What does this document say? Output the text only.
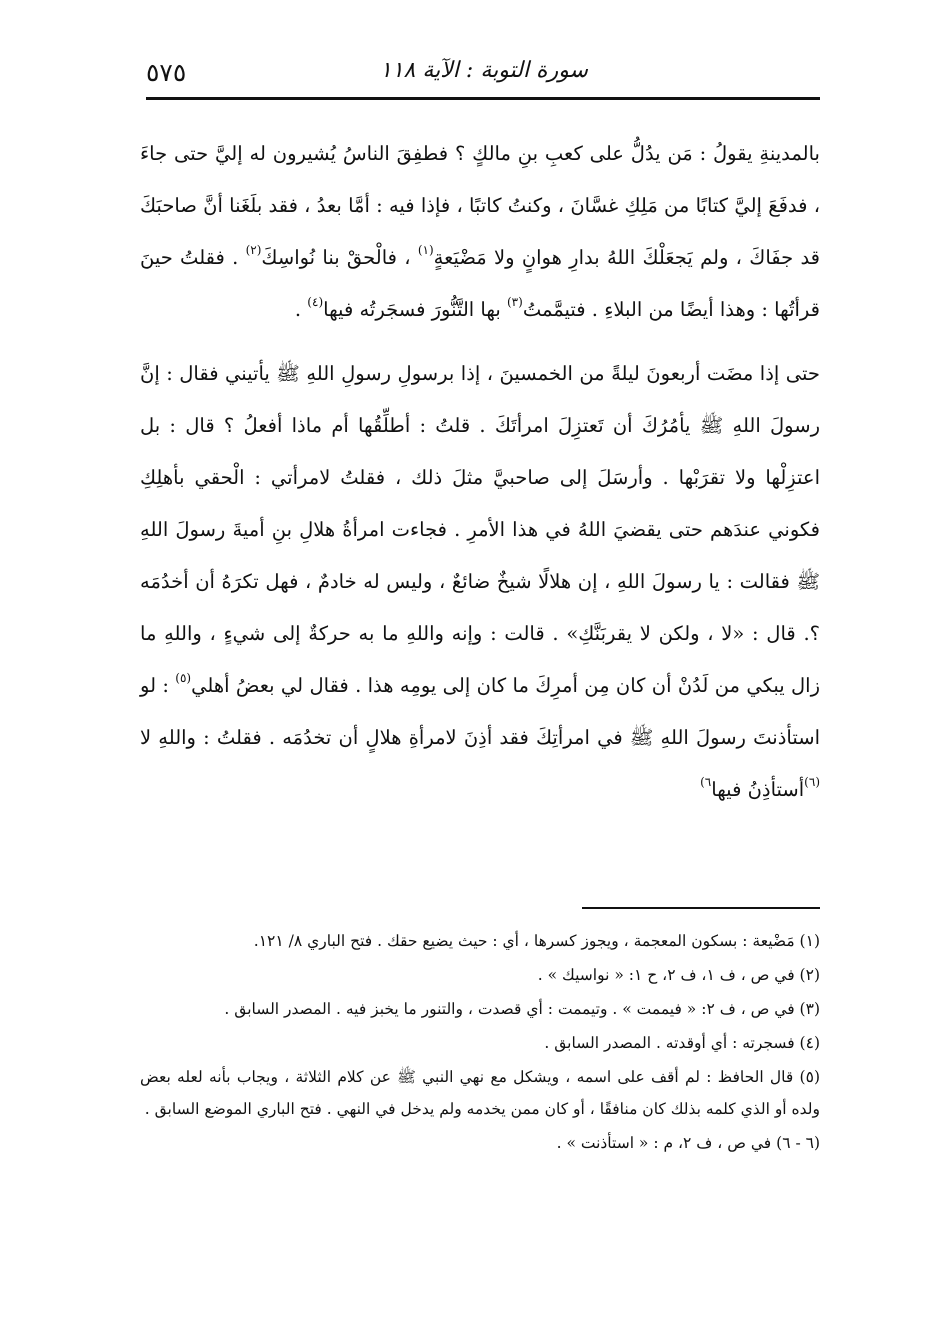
سورة التوبة : الآية ١١٨
٥٧٥

بالمدينةِ يقولُ : مَن يدُلُّ على كعبِ بنِ مالكٍ ؟ فطفِقَ الناسُ يُشيرون له إليَّ حتى جاءَ ، فدفَعَ إليَّ كتابًا من مَلِكِ غسَّانَ ، وكنتُ كاتبًا ، فإذا فيه : أمَّا بعدُ ، فقد بلَغَنا أنَّ صاحبَكَ قد جفَاكَ ، ولم يَجعَلْكَ اللهُ بدارِ هوانٍ ولا مَضْيَعةٍ$^{(١)}$ ، فالْحقْ بنا نُواسِكَ$^{(٢)}$ . فقلتُ حينَ قرأتُها : وهذا أيضًا من البلاءِ . فتيمَّمتُ$^{(٣)}$ بها التَّنُّورَ فسجَرتُه فيها$^{(٤)}$ .

حتى إذا مضَت أربعونَ ليلةً من الخمسينَ ، إذا برسولِ رسولِ اللهِ ﷺ يأتيني فقال : إنَّ رسولَ اللهِ ﷺ يأمُرُكَ أن تَعتزِلَ امرأتَكَ . قلتُ : أطلِّقُها أم ماذا أفعلُ ؟ قال : بل اعتزِلْها ولا تقرَبْها . وأرسَلَ إلى صاحبيَّ مثلَ ذلك ، فقلتُ لامرأتي : الْحقي بأهلِكِ فكوني عندَهم حتى يقضيَ اللهُ في هذا الأمرِ . فجاءت امرأةُ هلالِ بنِ أميةَ رسولَ اللهِ ﷺ فقالت : يا رسولَ اللهِ ، إن هلالًا شيخٌ ضائعٌ ، وليس له خادمٌ ، فهل تكرَهُ أن أخدُمَه ؟. قال : «لا ، ولكن لا يقربَنَّكِ» . قالت : وإنه واللهِ ما به حركةٌ إلى شيءٍ ، واللهِ ما زال يبكي من لَدُنْ أن كان مِن أمرِكَ ما كان إلى يومِه هذا . فقال لي بعضُ أهلي$^{(٥)}$ : لو استأذنتَ رسولَ اللهِ ﷺ في امرأتِكَ فقد أذِنَ لامرأةِ هلالٍ أن تخدُمَه . فقلتُ : واللهِ لا $^{(٦)}$أستأذِنُ فيها$^{٦)}$

(١) مَضْيعة : بسكون المعجمة ، ويجوز كسرها ، أي : حيث يضيع حقك . فتح الباري ٨/ ١٢١.

(٢) في ص ، ف ١، ف ٢، ح ١: « نواسيك » .

(٣) في ص ، ف ٢: « فيممت » . وتيممت : أي قصدت ، والتنور ما يخبز فيه . المصدر السابق .

(٤) فسجرته : أي أوقدته . المصدر السابق .

(٥) قال الحافظ : لم أقف على اسمه ، ويشكل مع نهي النبي ﷺ عن كلام الثلاثة ، ويجاب بأنه لعله بعض ولده أو الذي كلمه بذلك كان منافقًا ، أو كان ممن يخدمه ولم يدخل في النهي . فتح الباري الموضع السابق .

(٦ - ٦) في ص ، ف ٢، م : « استأذنت » .
